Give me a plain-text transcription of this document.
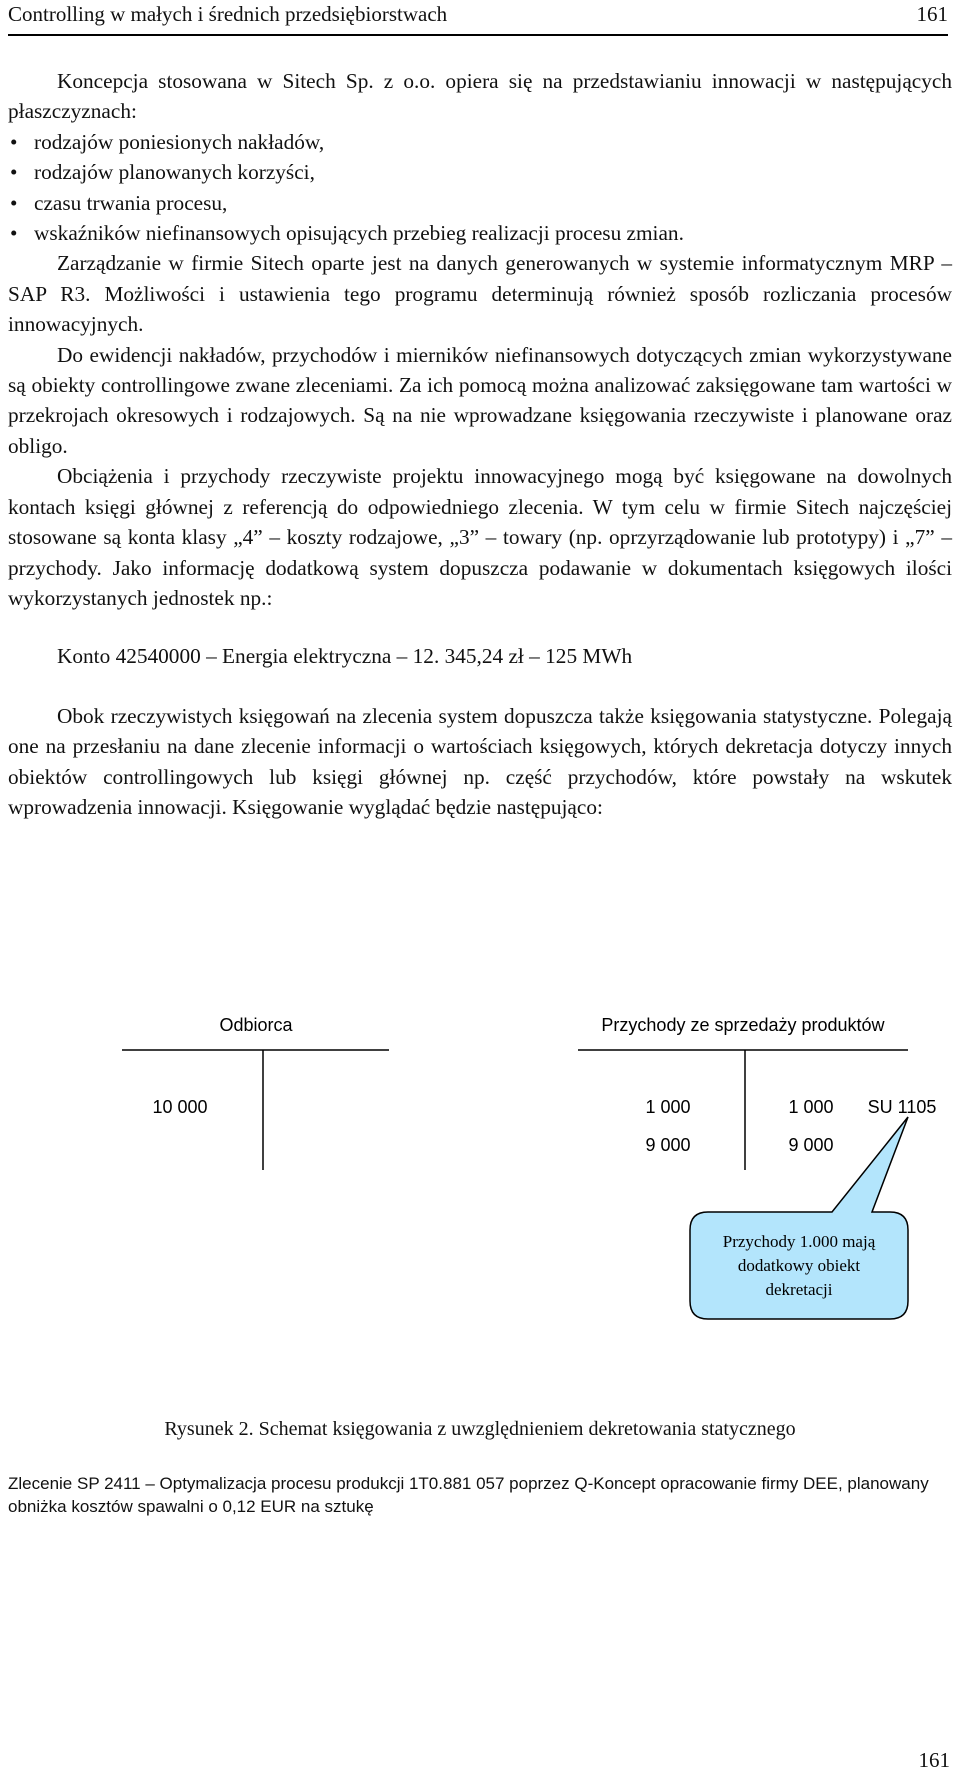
Controlling w małych i średnich przedsiębiorstwach	161

Koncepcja stosowana w Sitech Sp. z o.o. opiera się na przedstawianiu innowacji w następujących płaszczyznach:

• rodzajów poniesionych nakładów,
• rodzajów planowanych korzyści,
• czasu trwania procesu,
• wskaźników niefinansowych opisujących przebieg realizacji procesu zmian.

Zarządzanie w firmie Sitech oparte jest na danych generowanych w systemie informatycznym MRP – SAP R3. Możliwości i ustawienia tego programu determinują również sposób rozliczania procesów innowacyjnych.

Do ewidencji nakładów, przychodów i mierników niefinansowych dotyczących zmian wykorzystywane są obiekty controllingowe zwane zleceniami. Za ich pomocą można analizować zaksięgowane tam wartości w przekrojach okresowych i rodzajowych. Są na nie wprowadzane księgowania rzeczywiste i planowane oraz obligo.

Obciążenia i przychody rzeczywiste projektu innowacyjnego mogą być księgowane na dowolnych kontach księgi głównej z referencją do odpowiedniego zlecenia. W tym celu w firmie Sitech najczęściej stosowane są konta klasy „4” – koszty rodzajowe, „3” – towary (np. oprzyrządowanie lub prototypy) i „7” – przychody. Jako informację dodatkową system dopuszcza podawanie w dokumentach księgowych ilości wykorzystanych jednostek np.:

Konto 42540000 – Energia elektryczna – 12. 345,24 zł – 125 MWh

Obok rzeczywistych księgowań na zlecenia system dopuszcza także księgowania statystyczne. Polegają one na przesłaniu na dane zlecenie informacji o wartościach księgowych, których dekretacja dotyczy innych obiektów controllingowych lub księgi głównej np. część przychodów, które powstały na wskutek wprowadzenia innowacji. Księgowanie wyglądać będzie następująco:

Odbiorca
10 000
Przychody ze sprzedaży produktów
1 000
9 000
1 000
9 000
SU 1105
Przychody 1.000 mają
dodatkowy obiekt
dekretacji
Rysunek 2. Schemat księgowania z uwzględnieniem dekretowania statycznego
Zlecenie SP 2411 – Optymalizacja procesu produkcji 1T0.881 057 poprzez Q-Koncept opracowanie firmy DEE, planowany obniżka kosztów spawalni o 0,12 EUR na sztukę
161
